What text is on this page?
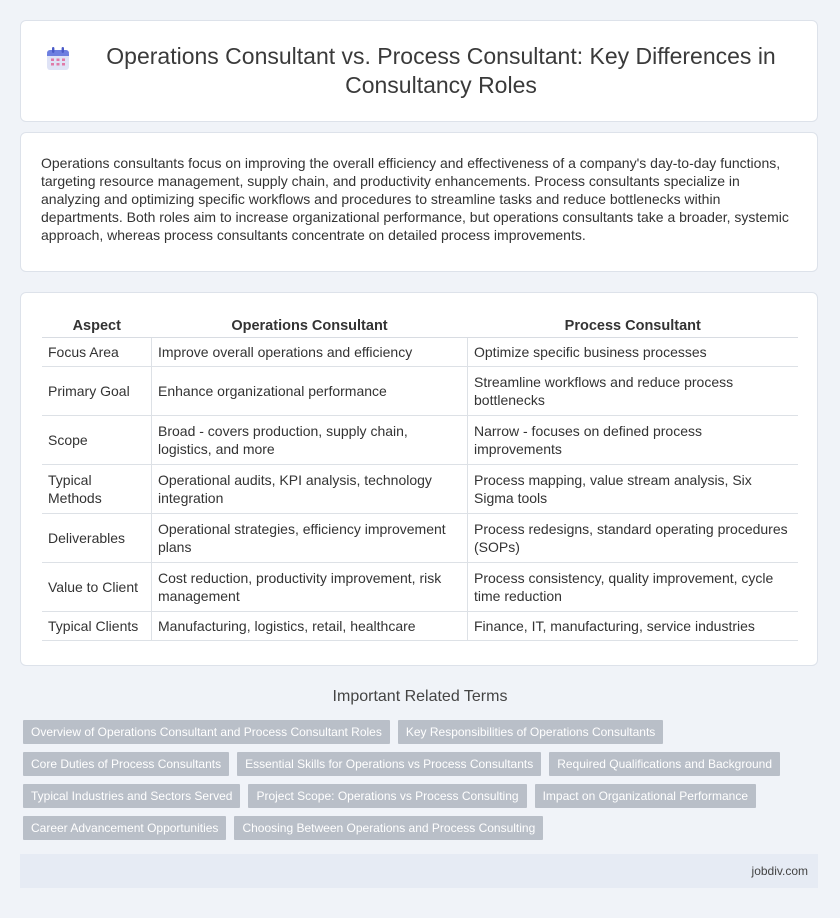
Operations Consultant vs. Process Consultant: Key Differences in Consultancy Roles

Operations consultants focus on improving the overall efficiency and effectiveness of a company's day-to-day functions, targeting resource management, supply chain, and productivity enhancements. Process consultants specialize in analyzing and optimizing specific workflows and procedures to streamline tasks and reduce bottlenecks within departments. Both roles aim to increase organizational performance, but operations consultants take a broader, systemic approach, whereas process consultants concentrate on detailed process improvements.

Aspect	Operations Consultant	Process Consultant
Focus Area	Improve overall operations and efficiency	Optimize specific business processes
Primary Goal	Enhance organizational performance	Streamline workflows and reduce process bottlenecks
Scope	Broad - covers production, supply chain, logistics, and more	Narrow - focuses on defined process improvements
Typical Methods	Operational audits, KPI analysis, technology integration	Process mapping, value stream analysis, Six Sigma tools
Deliverables	Operational strategies, efficiency improvement plans	Process redesigns, standard operating procedures (SOPs)
Value to Client	Cost reduction, productivity improvement, risk management	Process consistency, quality improvement, cycle time reduction
Typical Clients	Manufacturing, logistics, retail, healthcare	Finance, IT, manufacturing, service industries
Important Related Terms
Overview of Operations Consultant and Process Consultant Roles	Key Responsibilities of Operations Consultants
Core Duties of Process Consultants	Essential Skills for Operations vs Process Consultants	Required Qualifications and Background
Typical Industries and Sectors Served	Project Scope: Operations vs Process Consulting	Impact on Organizational Performance
Career Advancement Opportunities	Choosing Between Operations and Process Consulting
jobdiv.com
